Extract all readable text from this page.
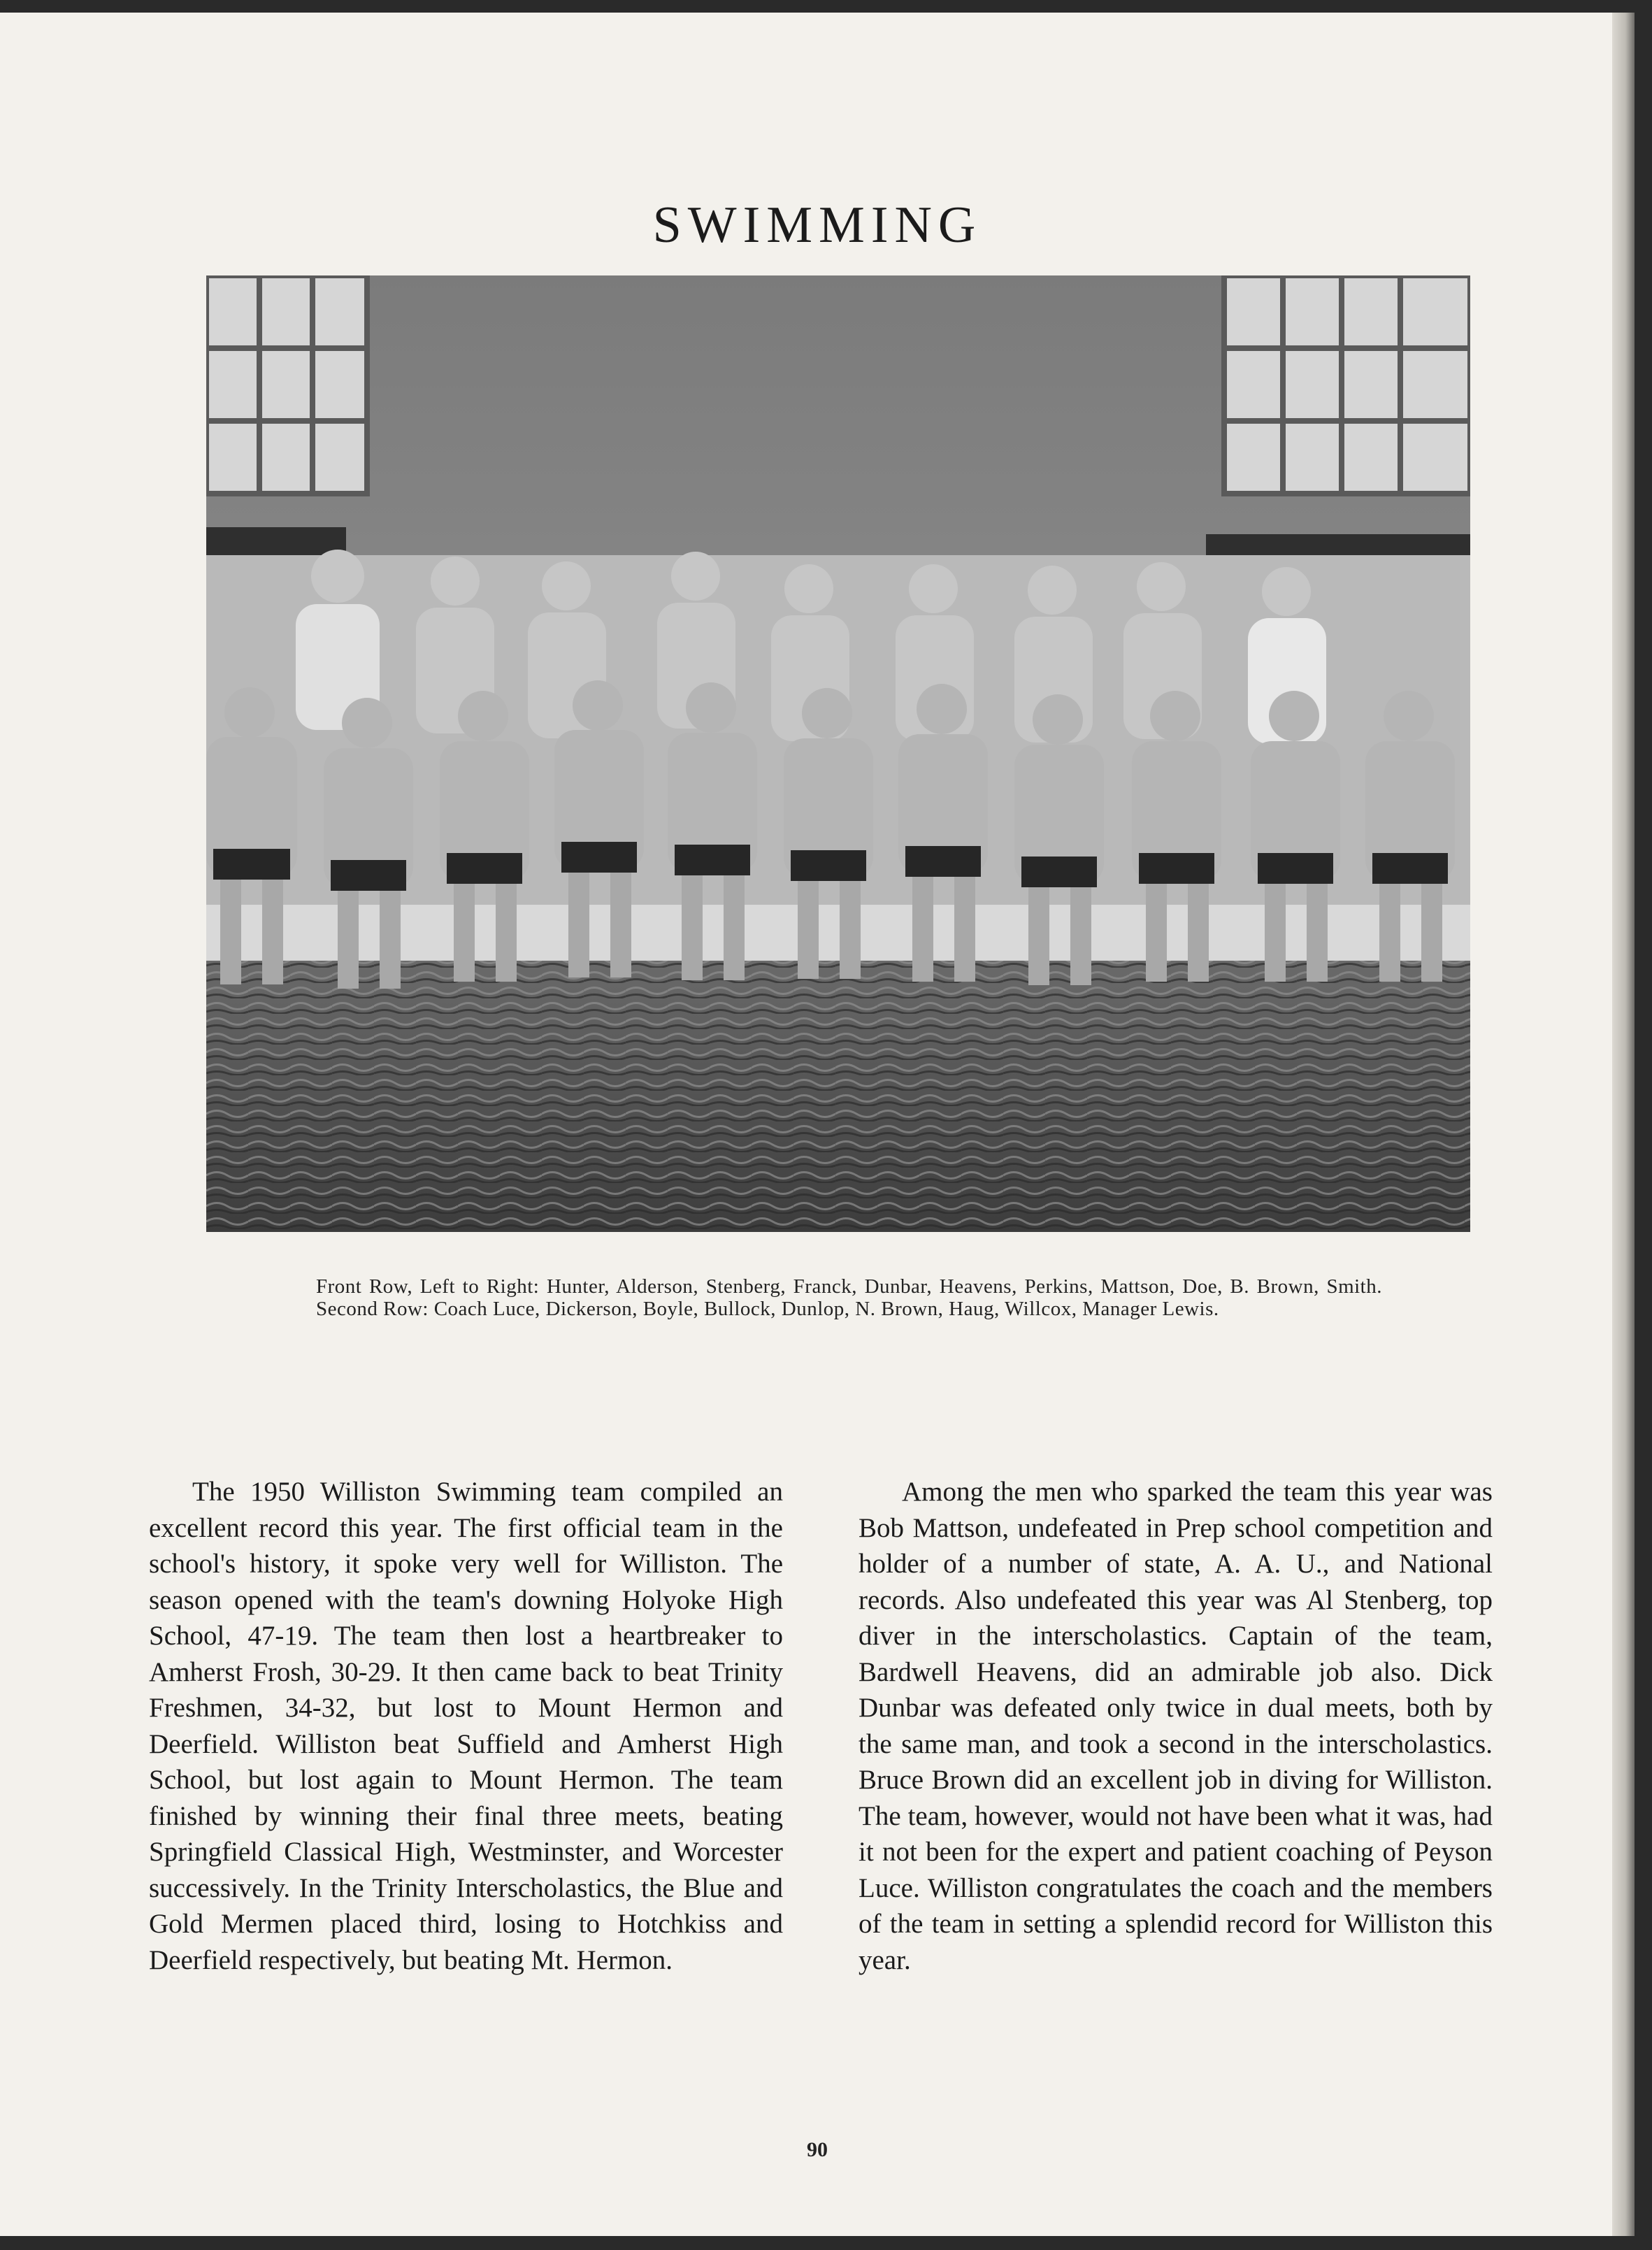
SWIMMING
Front Row, Left to Right: Hunter, Alderson, Stenberg, Franck, Dunbar, Heavens, Perkins, Mattson, Doe, B. Brown, Smith. Second Row: Coach Luce, Dickerson, Boyle, Bullock, Dunlop, N. Brown, Haug, Willcox, Manager Lewis.

The 1950 Williston Swimming team compiled an excellent record this year. The first official team in the school's history, it spoke very well for Williston. The season opened with the team's downing Holyoke High School, 47-19. The team then lost a heartbreaker to Amherst Frosh, 30-29. It then came back to beat Trinity Freshmen, 34-32, but lost to Mount Hermon and Deerfield. Williston beat Suffield and Amherst High School, but lost again to Mount Hermon. The team finished by winning their final three meets, beating Springfield Classical High, Westminster, and Worcester successively. In the Trinity Interscholastics, the Blue and Gold Mermen placed third, losing to Hotchkiss and Deerfield respectively, but beating Mt. Hermon.

Among the men who sparked the team this year was Bob Mattson, undefeated in Prep school competition and holder of a number of state, A. A. U., and National records. Also undefeated this year was Al Stenberg, top diver in the interscholastics. Captain of the team, Bardwell Heavens, did an admirable job also. Dick Dunbar was defeated only twice in dual meets, both by the same man, and took a second in the interscholastics. Bruce Brown did an excellent job in diving for Williston. The team, however, would not have been what it was, had it not been for the expert and patient coaching of Peyson Luce. Williston congratulates the coach and the members of the team in setting a splendid record for Williston this year.

90
